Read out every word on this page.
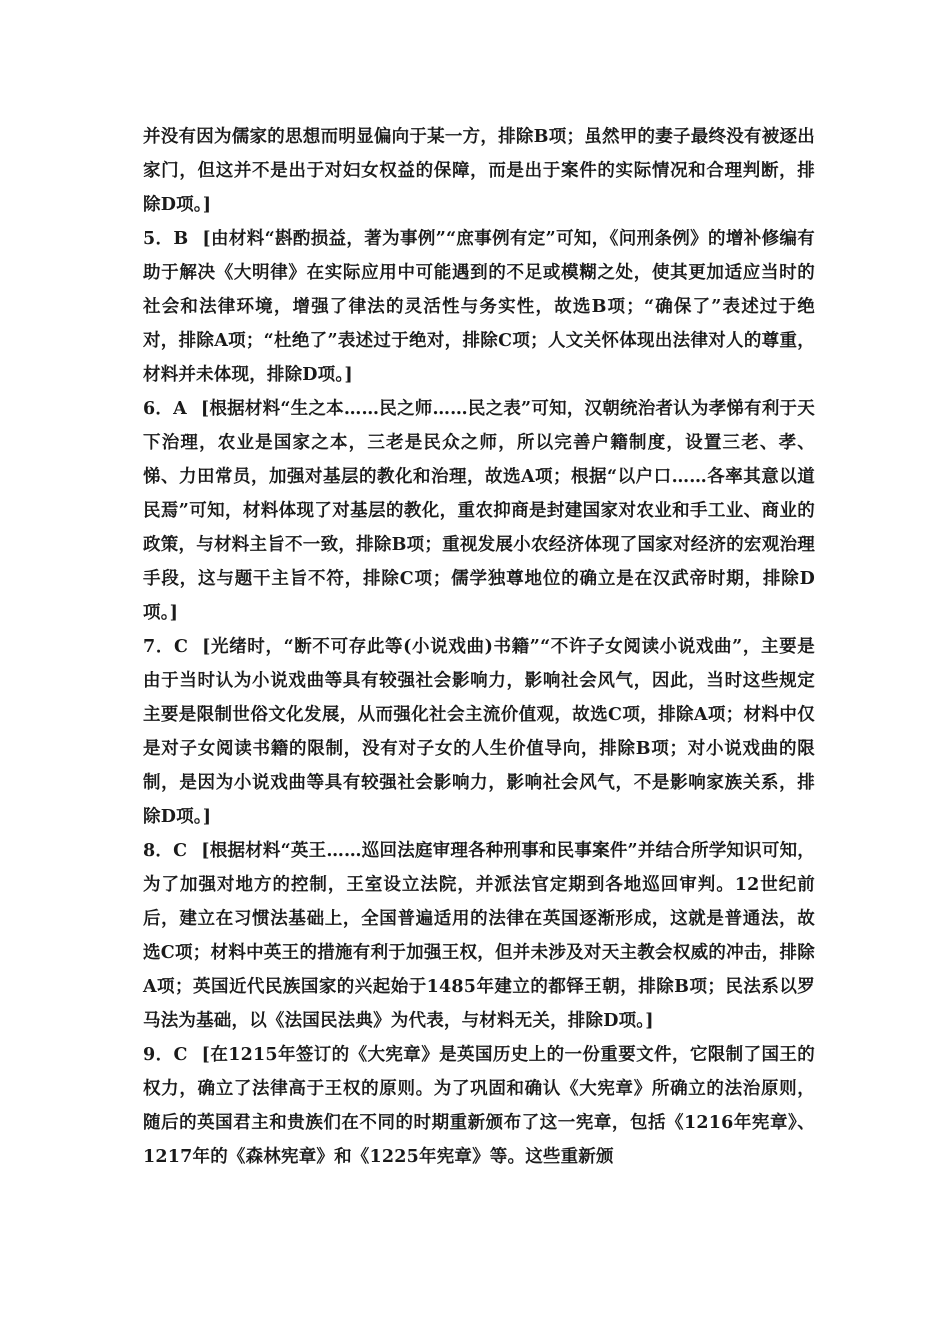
并没有因为儒家的思想而明显偏向于某一方，排除B项；虽然甲的妻子最终没有被逐出家门，但这并不是出于对妇女权益的保障，而是出于案件的实际情况和合理判断，排除D项。]

5．B [由材料“斟酌损益，著为事例”“庶事例有定”可知，《问刑条例》的增补修编有助于解决《大明律》在实际应用中可能遇到的不足或模糊之处，使其更加适应当时的社会和法律环境，增强了律法的灵活性与务实性，故选B项；“确保了”表述过于绝对，排除A项；“杜绝了”表述过于绝对，排除C项；人文关怀体现出法律对人的尊重，材料并未体现，排除D项。]

6．A [根据材料“生之本……民之师……民之表”可知，汉朝统治者认为孝悌有利于天下治理，农业是国家之本，三老是民众之师，所以完善户籍制度，设置三老、孝、悌、力田常员，加强对基层的教化和治理，故选A项；根据“以户口……各率其意以道民焉”可知，材料体现了对基层的教化，重农抑商是封建国家对农业和手工业、商业的政策，与材料主旨不一致，排除B项；重视发展小农经济体现了国家对经济的宏观治理手段，这与题干主旨不符，排除C项；儒学独尊地位的确立是在汉武帝时期，排除D项。]

7．C [光绪时，“断不可存此等(小说戏曲)书籍”“不许子女阅读小说戏曲”，主要是由于当时认为小说戏曲等具有较强社会影响力，影响社会风气，因此，当时这些规定主要是限制世俗文化发展，从而强化社会主流价值观，故选C项，排除A项；材料中仅是对子女阅读书籍的限制，没有对子女的人生价值导向，排除B项；对小说戏曲的限制，是因为小说戏曲等具有较强社会影响力，影响社会风气，不是影响家族关系，排除D项。]

8．C [根据材料“英王……巡回法庭审理各种刑事和民事案件”并结合所学知识可知，为了加强对地方的控制，王室设立法院，并派法官定期到各地巡回审判。12世纪前后，建立在习惯法基础上，全国普遍适用的法律在英国逐渐形成，这就是普通法，故选C项；材料中英王的措施有利于加强王权，但并未涉及对天主教会权威的冲击，排除A项；英国近代民族国家的兴起始于1485年建立的都铎王朝，排除B项；民法系以罗马法为基础，以《法国民法典》为代表，与材料无关，排除D项。]

9．C [在1215年签订的《大宪章》是英国历史上的一份重要文件，它限制了国王的权力，确立了法律高于王权的原则。为了巩固和确认《大宪章》所确立的法治原则，随后的英国君主和贵族们在不同的时期重新颁布了这一宪章，包括《1216年宪章》、1217年的《森林宪章》和《1225年宪章》等。这些重新颁
